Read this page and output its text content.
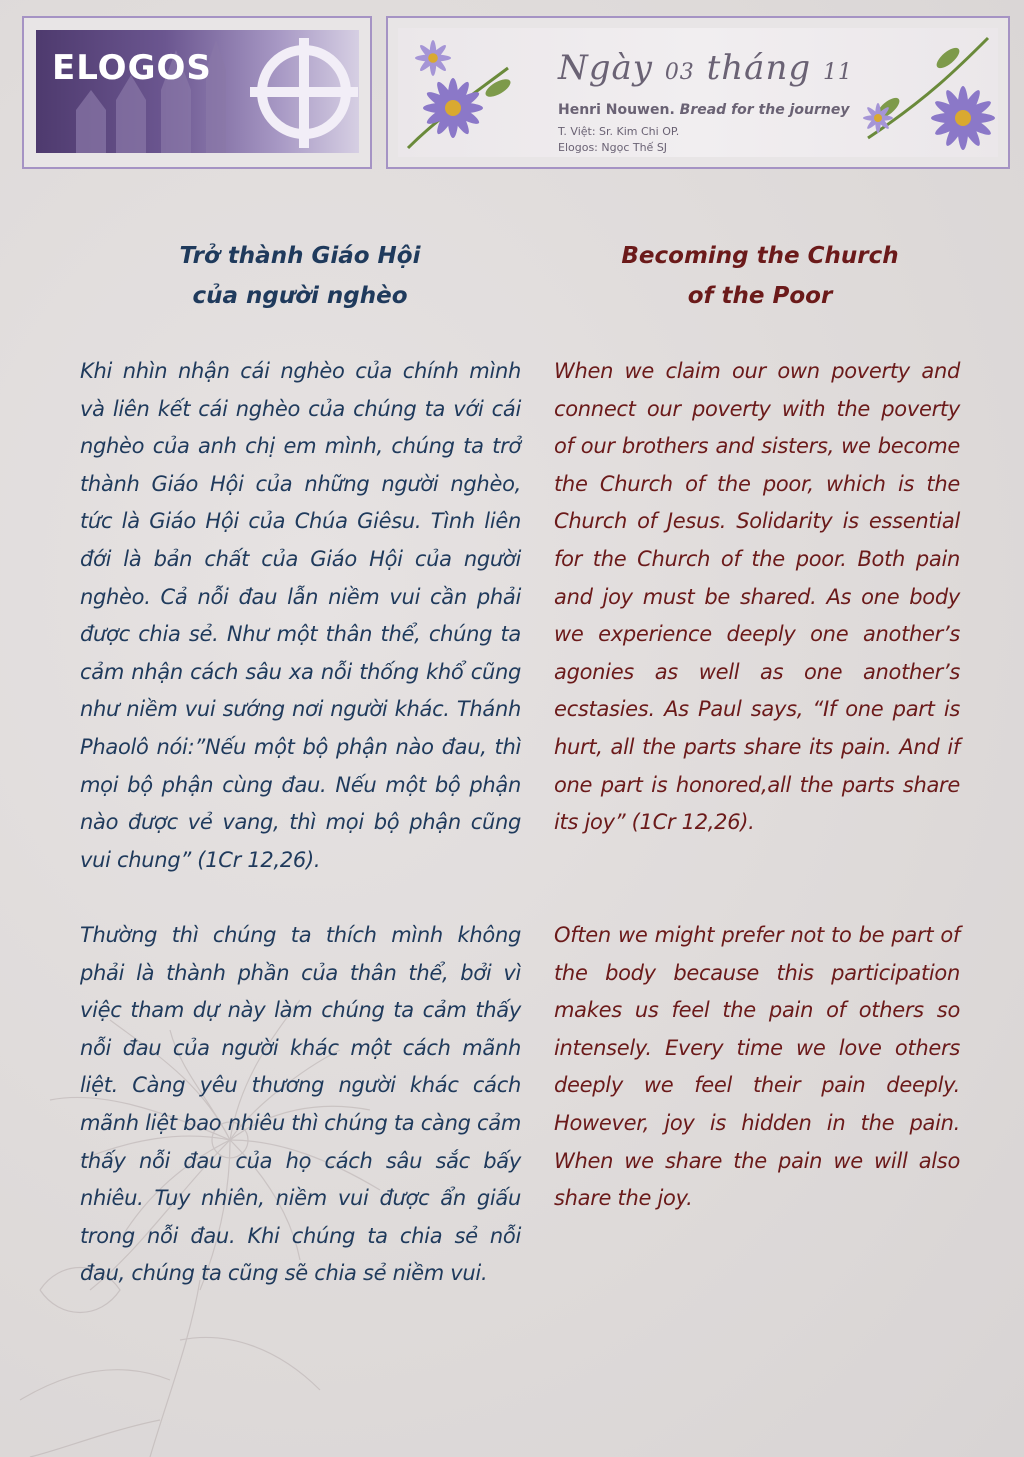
ELOGOS	Ngày 03 tháng 11
Henri Nouwen. Bread for the journey
T. Việt: Sr. Kim Chi OP.
Elogos: Ngọc Thế SJ
Trở thành Giáo Hội
của người nghèo
Becoming the Church
of the Poor

Khi nhìn nhận cái nghèo của chính mình và liên kết cái nghèo của chúng ta với cái nghèo của anh chị em mình, chúng ta trở thành Giáo Hội của những người nghèo, tức là Giáo Hội của Chúa Giêsu. Tình liên đới là bản chất của Giáo Hội của người nghèo. Cả nỗi đau lẫn niềm vui cần phải được chia sẻ. Như một thân thể, chúng ta cảm nhận cách sâu xa nỗi thống khổ cũng như niềm vui sướng nơi người khác. Thánh Phaolô nói:”Nếu một bộ phận nào đau, thì mọi bộ phận cùng đau. Nếu một bộ phận nào được vẻ vang, thì mọi bộ phận cũng vui chung” (1Cr 12,26).

When we claim our own poverty and connect our poverty with the poverty of our brothers and sisters, we become the Church of the poor, which is the Church of Jesus. Solidarity is essential for the Church of the poor. Both pain and joy must be shared. As one body we experience deeply one another’s agonies as well as one another’s ecstasies. As Paul says, “If one part is hurt, all the parts share its pain. And if one part is honored,all the parts share its joy” (1Cr 12,26).

Thường thì chúng ta thích mình không phải là thành phần của thân thể, bởi vì việc tham dự này làm chúng ta cảm thấy nỗi đau của người khác một cách mãnh liệt. Càng yêu thương người khác cách mãnh liệt bao nhiêu thì chúng ta càng cảm thấy nỗi đau của họ cách sâu sắc bấy nhiêu. Tuy nhiên, niềm vui được ẩn giấu trong nỗi đau. Khi chúng ta chia sẻ nỗi đau, chúng ta cũng sẽ chia sẻ niềm vui.

Often we might prefer not to be part of the body because this participation makes us feel the pain of others so intensely. Every time we love others deeply we feel their pain deeply. However, joy is hidden in the pain. When we share the pain we will also share the joy.
